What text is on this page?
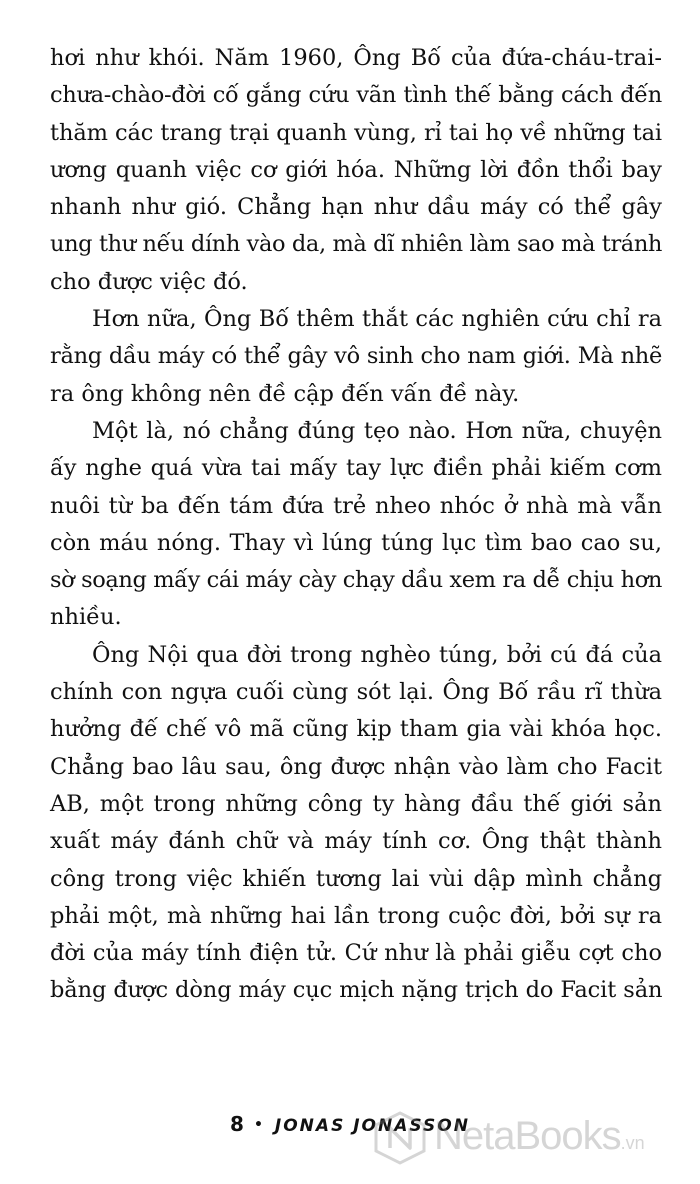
hơi như khói. Năm 1960, Ông Bố của đứa-cháu-trai-
chưa-chào-đời cố gắng cứu vãn tình thế bằng cách đến
thăm các trang trại quanh vùng, rỉ tai họ về những tai
ương quanh việc cơ giới hóa. Những lời đồn thổi bay
nhanh như gió. Chẳng hạn như dầu máy có thể gây
ung thư nếu dính vào da, mà dĩ nhiên làm sao mà tránh
cho được việc đó.
Hơn nữa, Ông Bố thêm thắt các nghiên cứu chỉ ra
rằng dầu máy có thể gây vô sinh cho nam giới. Mà nhẽ
ra ông không nên đề cập đến vấn đề này.
Một là, nó chẳng đúng tẹo nào. Hơn nữa, chuyện
ấy nghe quá vừa tai mấy tay lực điền phải kiếm cơm
nuôi từ ba đến tám đứa trẻ nheo nhóc ở nhà mà vẫn
còn máu nóng. Thay vì lúng túng lục tìm bao cao su,
sờ soạng mấy cái máy cày chạy dầu xem ra dễ chịu hơn
nhiều.
Ông Nội qua đời trong nghèo túng, bởi cú đá của
chính con ngựa cuối cùng sót lại. Ông Bố rầu rĩ thừa
hưởng đế chế vô mã cũng kịp tham gia vài khóa học.
Chẳng bao lâu sau, ông được nhận vào làm cho Facit
AB, một trong những công ty hàng đầu thế giới sản
xuất máy đánh chữ và máy tính cơ. Ông thật thành
công trong việc khiến tương lai vùi dập mình chẳng
phải một, mà những hai lần trong cuộc đời, bởi sự ra
đời của máy tính điện tử. Cứ như là phải giễu cợt cho
bằng được dòng máy cục mịch nặng trịch do Facit sản
8 • JONAS JONASSON
NetaBooks.vn
